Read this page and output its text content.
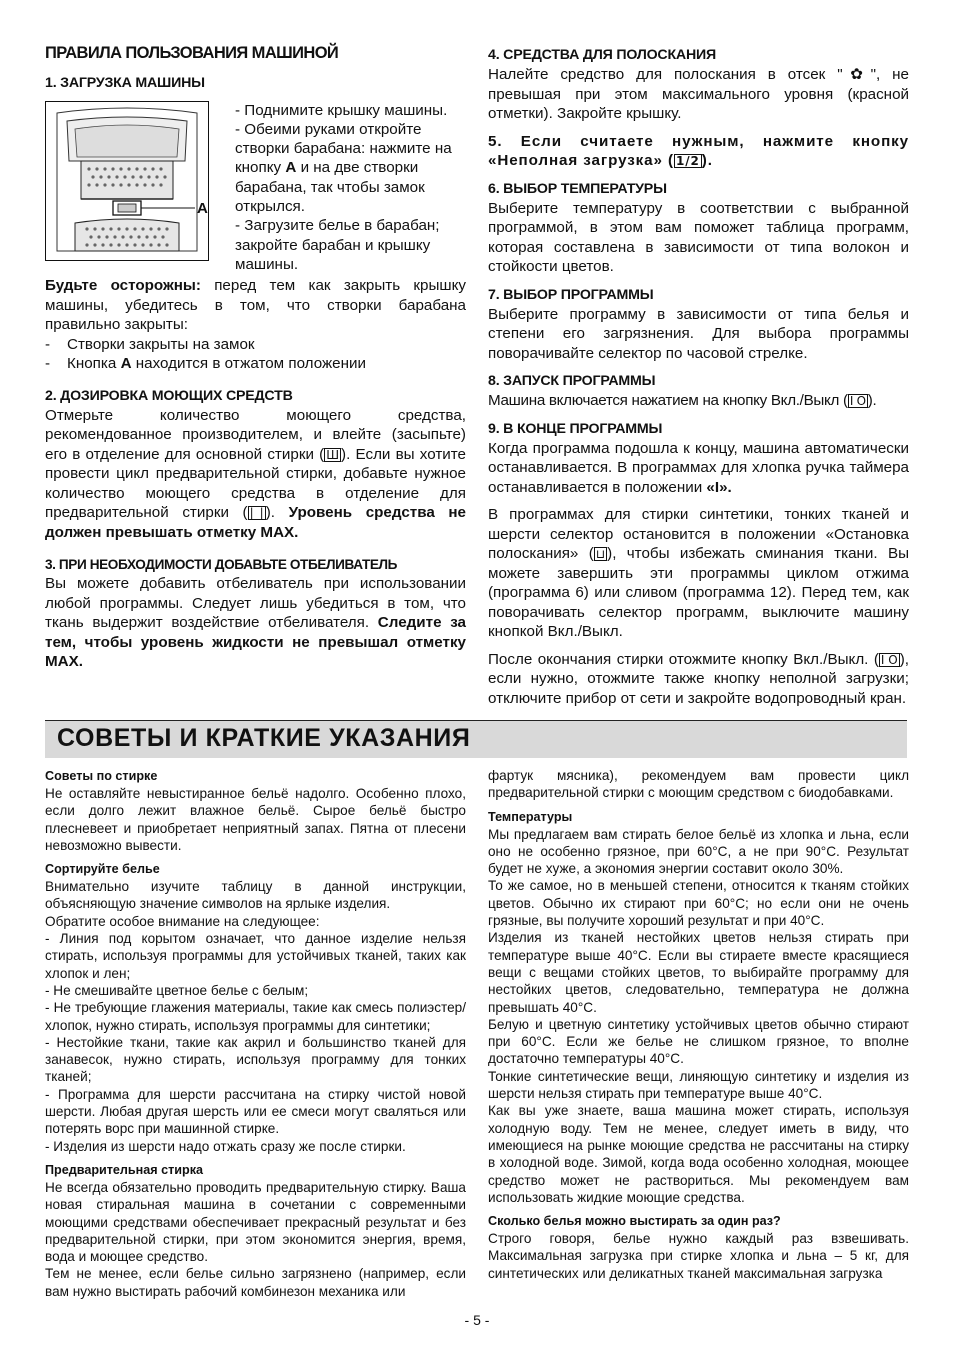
ПРАВИЛА ПОЛЬЗОВАНИЯ МАШИНОЙ

1. ЗАГРУЗКА МАШИНЫ

A

- Поднимите крышку машины.

- Обеими руками откройте створки барабана: нажмите на кнопку A и на две створки барабана, так чтобы замок открылся.

- Загрузите белье в барабан; закройте барабан и крышку машины.

Будьте осторожны: перед тем как закрыть крышку машины, убедитесь в том, что створки барабана правильно закрыты:

-	Створки закрыты на замок
-	Кнопка A находится в отжатом положении

2. ДОЗИРОВКА МОЮЩИХ СРЕДСТВ

Отмерьте количество моющего средства, рекомендованное производителем, и влейте (засыпьте) его в отделение для основной стирки ( Ш ). Если вы хотите провести цикл предварительной стирки, добавьте нужное количество моющего средства в отделение для предварительной стирки ( |_| ). Уровень средства не должен превышать отметку MAX.

3. ПРИ НЕОБХОДИМОСТИ ДОБАВЬТЕ ОТБЕЛИВАТЕЛЬ

Вы можете добавить отбеливатель при использовании любой программы. Следует лишь убедиться в том, что ткань выдержит воздействие отбеливателя. Следите за тем, чтобы уровень жидкости не превышал отметку MAX.

4. СРЕДСТВА ДЛЯ ПОЛОСКАНИЯ

Налейте средство для полоскания в отсек "✿", не превышая при этом максимального уровня (красной отметки). Закройте крышку.

5. Если считаете нужным, нажмите кнопку «Неполная загрузка» ( 1/2 ).

6. ВЫБОР ТЕМПЕРАТУРЫ

Выберите температуру в соответствии с выбранной программой, в этом вам поможет таблица программ, которая составлена в зависимости от типа волокон и стойкости цветов.

7. ВЫБОР ПРОГРАММЫ

Выберите программу в зависимости от типа белья и степени его загрязнения. Для выбора программы поворачивайте селектор по часовой стрелке.

8. ЗАПУСК ПРОГРАММЫ

Машина включается нажатием на кнопку Вкл./Выкл ( I O ).

9. В КОНЦЕ ПРОГРАММЫ

Когда программа подошла к концу, машина автоматически останавливается. В программах для хлопка ручка таймера останавливается в положении «I».

В программах для стирки синтетики, тонких тканей и шерсти селектор остановится в положении «Остановка полоскания» ( ⊔ ), чтобы избежать сминания ткани. Вы можете завершить эти программы циклом отжима (программа 6) или сливом (программа 12). Перед тем, как поворачивать селектор программ, выключите машину кнопкой Вкл./Выкл.

После окончания стирки отожмите кнопку Вкл./Выкл. ( I O ), если нужно, отожмите также кнопку неполной загрузки; отключите прибор от сети и закройте водопроводный кран.

СОВЕТЫ И КРАТКИЕ УКАЗАНИЯ

Советы по стирке

Не оставляйте невыстиранное бельё надолго. Особенно плохо, если долго лежит влажное бельё. Сырое бельё быстро плесневеет и приобретает неприятный запах. Пятна от плесени невозможно вывести.

Сортируйте белье

Внимательно изучите таблицу в данной инструкции, объясняющую значение символов на ярлыке изделия.

Обратите особое внимание на следующее:

- Линия под корытом означает, что данное изделие нельзя стирать, используя программы для устойчивых тканей, таких как хлопок и лен;

- Не смешивайте цветное белье с белым;

- Не требующие глажения материалы, такие как смесь полиэстер/хлопок, нужно стирать, используя программы для синтетики;

- Нестойкие ткани, такие как акрил и большинство тканей для занавесок, нужно стирать, используя программу для тонких тканей;

- Программа для шерсти рассчитана на стирку чистой новой шерсти. Любая другая шерсть или ее смеси могут сваляться или потерять ворс при машинной стирке.

- Изделия из шерсти надо отжать сразу же после стирки.

Предварительная стирка

Не всегда обязательно проводить предварительную стирку. Ваша новая стиральная машина в сочетании с современными моющими средствами обеспечивает прекрасный результат и без предварительной стирки, при этом экономится энергия, время, вода и моющее средство.

Тем не менее, если белье сильно загрязнено (например, если вам нужно выстирать рабочий комбинезон механика или

фартук мясника), рекомендуем вам провести цикл предварительной стирки с моющим средством с биодобавками.

Температуры

Мы предлагаем вам стирать белое бельё из хлопка и льна, если оно не особенно грязное, при 60°C, а не при 90°C. Результат будет не хуже, а экономия энергии составит около 30%.

То же самое, но в меньшей степени, относится к тканям стойких цветов. Обычно их стирают при 60°C; но если они не очень грязные, вы получите хороший результат и при 40°C.

Изделия из тканей нестойких цветов нельзя стирать при температуре выше 40°C. Если вы стираете вместе красящиеся вещи с вещами стойких цветов, то выбирайте программу для нестойких цветов, следовательно, температура не должна превышать 40°C.

Белую и цветную синтетику устойчивых цветов обычно стирают при 60°C. Если же белье не слишком грязное, то вполне достаточно температуры 40°C.

Тонкие синтетические вещи, линяющую синтетику и изделия из шерсти нельзя стирать при температуре выше 40°C.

Как вы уже знаете, ваша машина может стирать, используя холодную воду. Тем не менее, следует иметь в виду, что имеющиеся на рынке моющие средства не рассчитаны на стирку в холодной воде. Зимой, когда вода особенно холодная, моющее средство может не раствориться. Мы рекомендуем вам использовать жидкие моющие средства.

Сколько белья можно выстирать за один раз?

Строго говоря, белье нужно каждый раз взвешивать. Максимальная загрузка при стирке хлопка и льна – 5 кг, для синтетических или деликатных тканей максимальная загрузка

- 5 -
